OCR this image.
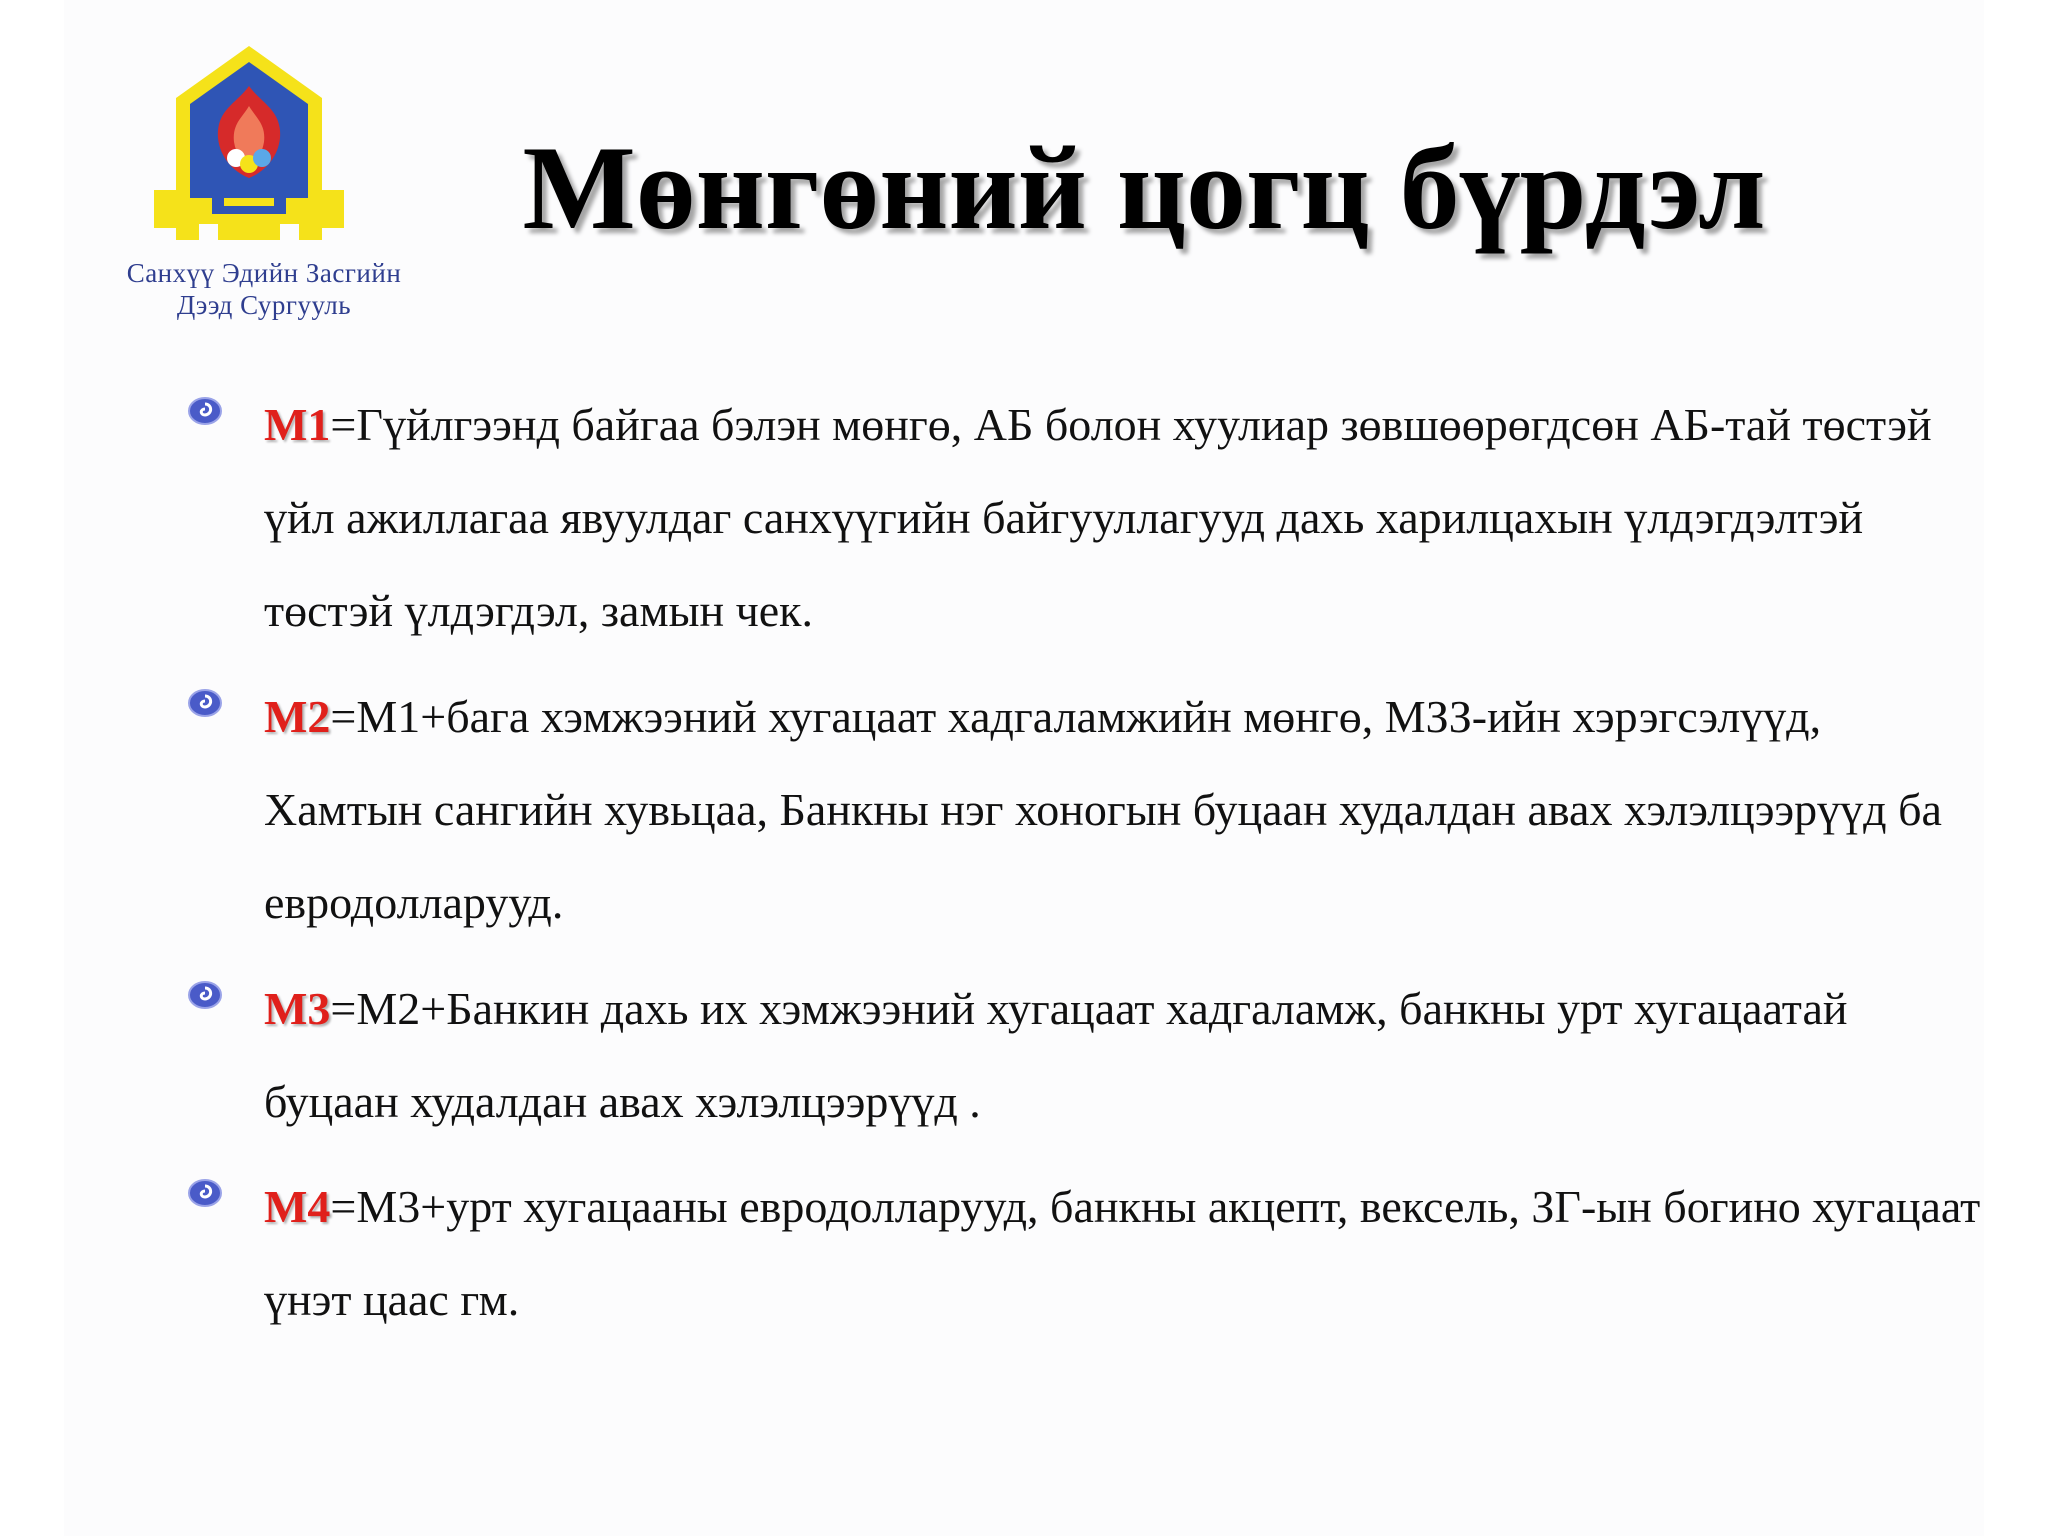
Санхүү Эдийн Засгийн
Дээд Сургууль
Мөнгөний цогц бүрдэл

М1=Гүйлгээнд байгаа бэлэн мөнгө, АБ болон хуулиар зөвшөөрөгдсөн АБ-тай төстэй үйл ажиллагаа явуулдаг санхүүгийн байгууллагууд дахь харилцахын үлдэгдэлтэй төстэй үлдэгдэл, замын чек.

М2=М1+бага хэмжээний хугацаат хадгаламжийн мөнгө, МЗЗ-ийн хэрэгсэлүүд, Хамтын сангийн хувьцаа, Банкны нэг хоногын буцаан худалдан авах хэлэлцээрүүд ба евродолларууд.

М3=М2+Банкин дахь их хэмжээний хугацаат хадгаламж, банкны урт хугацаатай буцаан худалдан авах хэлэлцээрүүд .

М4=М3+урт хугацааны евродолларууд, банкны акцепт, вексель, ЗГ-ын богино хугацаат үнэт цаас гм.
